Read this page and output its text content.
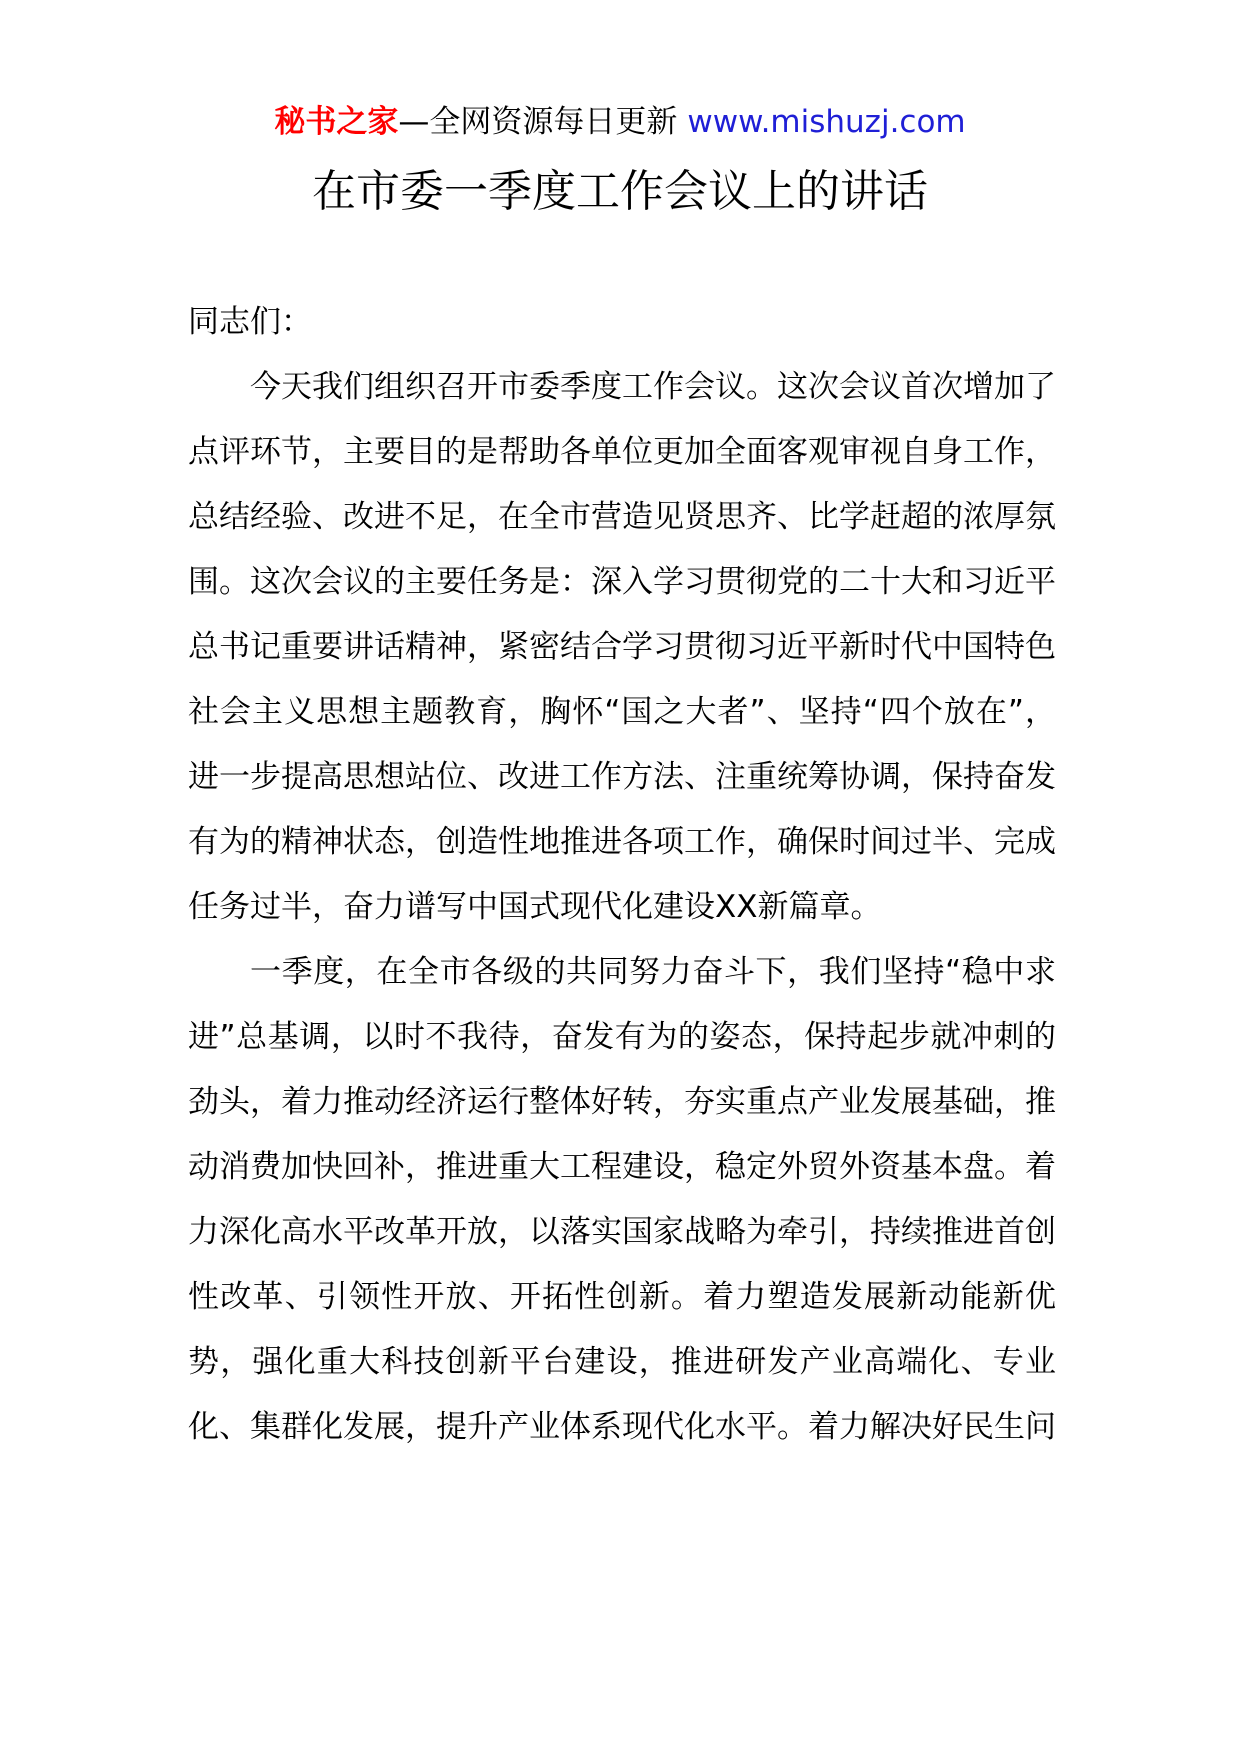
秘书之家—全网资源每日更新 www.mishuzj.com
在市委一季度工作会议上的讲话

同志们：

今天我们组织召开市委季度工作会议。这次会议首次增加了点评环节，主要目的是帮助各单位更加全面客观审视自身工作，总结经验、改进不足，在全市营造见贤思齐、比学赶超的浓厚氛围。这次会议的主要任务是：深入学习贯彻党的二十大和习近平总书记重要讲话精神，紧密结合学习贯彻习近平新时代中国特色社会主义思想主题教育，胸怀“国之大者”、坚持“四个放在”，进一步提高思想站位、改进工作方法、注重统筹协调，保持奋发有为的精神状态，创造性地推进各项工作，确保时间过半、完成任务过半，奋力谱写中国式现代化建设XX新篇章。

一季度，在全市各级的共同努力奋斗下，我们坚持“稳中求进”总基调，以时不我待，奋发有为的姿态，保持起步就冲刺的劲头，着力推动经济运行整体好转，夯实重点产业发展基础，推动消费加快回补，推进重大工程建设，稳定外贸外资基本盘。着力深化高水平改革开放，以落实国家战略为牵引，持续推进首创性改革、引领性开放、开拓性创新。着力塑造发展新动能新优势，强化重大科技创新平台建设，推进研发产业高端化、专业化、集群化发展，提升产业体系现代化水平。着力解决好民生问
